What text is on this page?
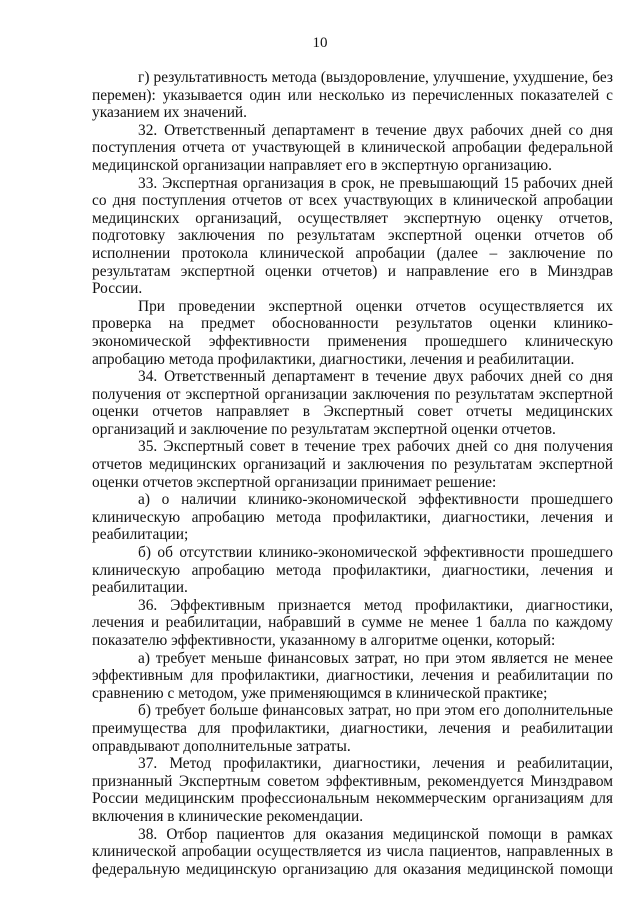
10

г) результативность метода (выздоровление, улучшение, ухудшение, без перемен): указывается один или несколько из перечисленных показателей с указанием их значений.

32. Ответственный департамент в течение двух рабочих дней со дня поступления отчета от участвующей в клинической апробации федеральной медицинской организации направляет его в экспертную организацию.

33. Экспертная организация в срок, не превышающий 15 рабочих дней со дня поступления отчетов от всех участвующих в клинической апробации медицинских организаций, осуществляет экспертную оценку отчетов, подготовку заключения по результатам экспертной оценки отчетов об исполнении протокола клинической апробации (далее – заключение по результатам экспертной оценки отчетов) и направление его в Минздрав России.

При проведении экспертной оценки отчетов осуществляется их проверка на предмет обоснованности результатов оценки клинико-экономической эффективности применения прошедшего клиническую апробацию метода профилактики, диагностики, лечения и реабилитации.

34. Ответственный департамент в течение двух рабочих дней со дня получения от экспертной организации заключения по результатам экспертной оценки отчетов направляет в Экспертный совет отчеты медицинских организаций и заключение по результатам экспертной оценки отчетов.

35. Экспертный совет в течение трех рабочих дней со дня получения отчетов медицинских организаций и заключения по результатам экспертной оценки отчетов экспертной организации принимает решение:

а) о наличии клинико-экономической эффективности прошедшего клиническую апробацию метода профилактики, диагностики, лечения и реабилитации;

б) об отсутствии клинико-экономической эффективности прошедшего клиническую апробацию метода профилактики, диагностики, лечения и реабилитации.

36. Эффективным признается метод профилактики, диагностики, лечения и реабилитации, набравший в сумме не менее 1 балла по каждому показателю эффективности, указанному в алгоритме оценки, который:

а) требует меньше финансовых затрат, но при этом является не менее эффективным для профилактики, диагностики, лечения и реабилитации по сравнению с методом, уже применяющимся в клинической практике;

б) требует больше финансовых затрат, но при этом его дополнительные преимущества для профилактики, диагностики, лечения и реабилитации оправдывают дополнительные затраты.

37. Метод профилактики, диагностики, лечения и реабилитации, признанный Экспертным советом эффективным, рекомендуется Минздравом России медицинским профессиональным некоммерческим организациям для включения в клинические рекомендации.

38. Отбор пациентов для оказания медицинской помощи в рамках клинической апробации осуществляется из числа пациентов, направленных в федеральную медицинскую организацию для оказания медицинской помощи
